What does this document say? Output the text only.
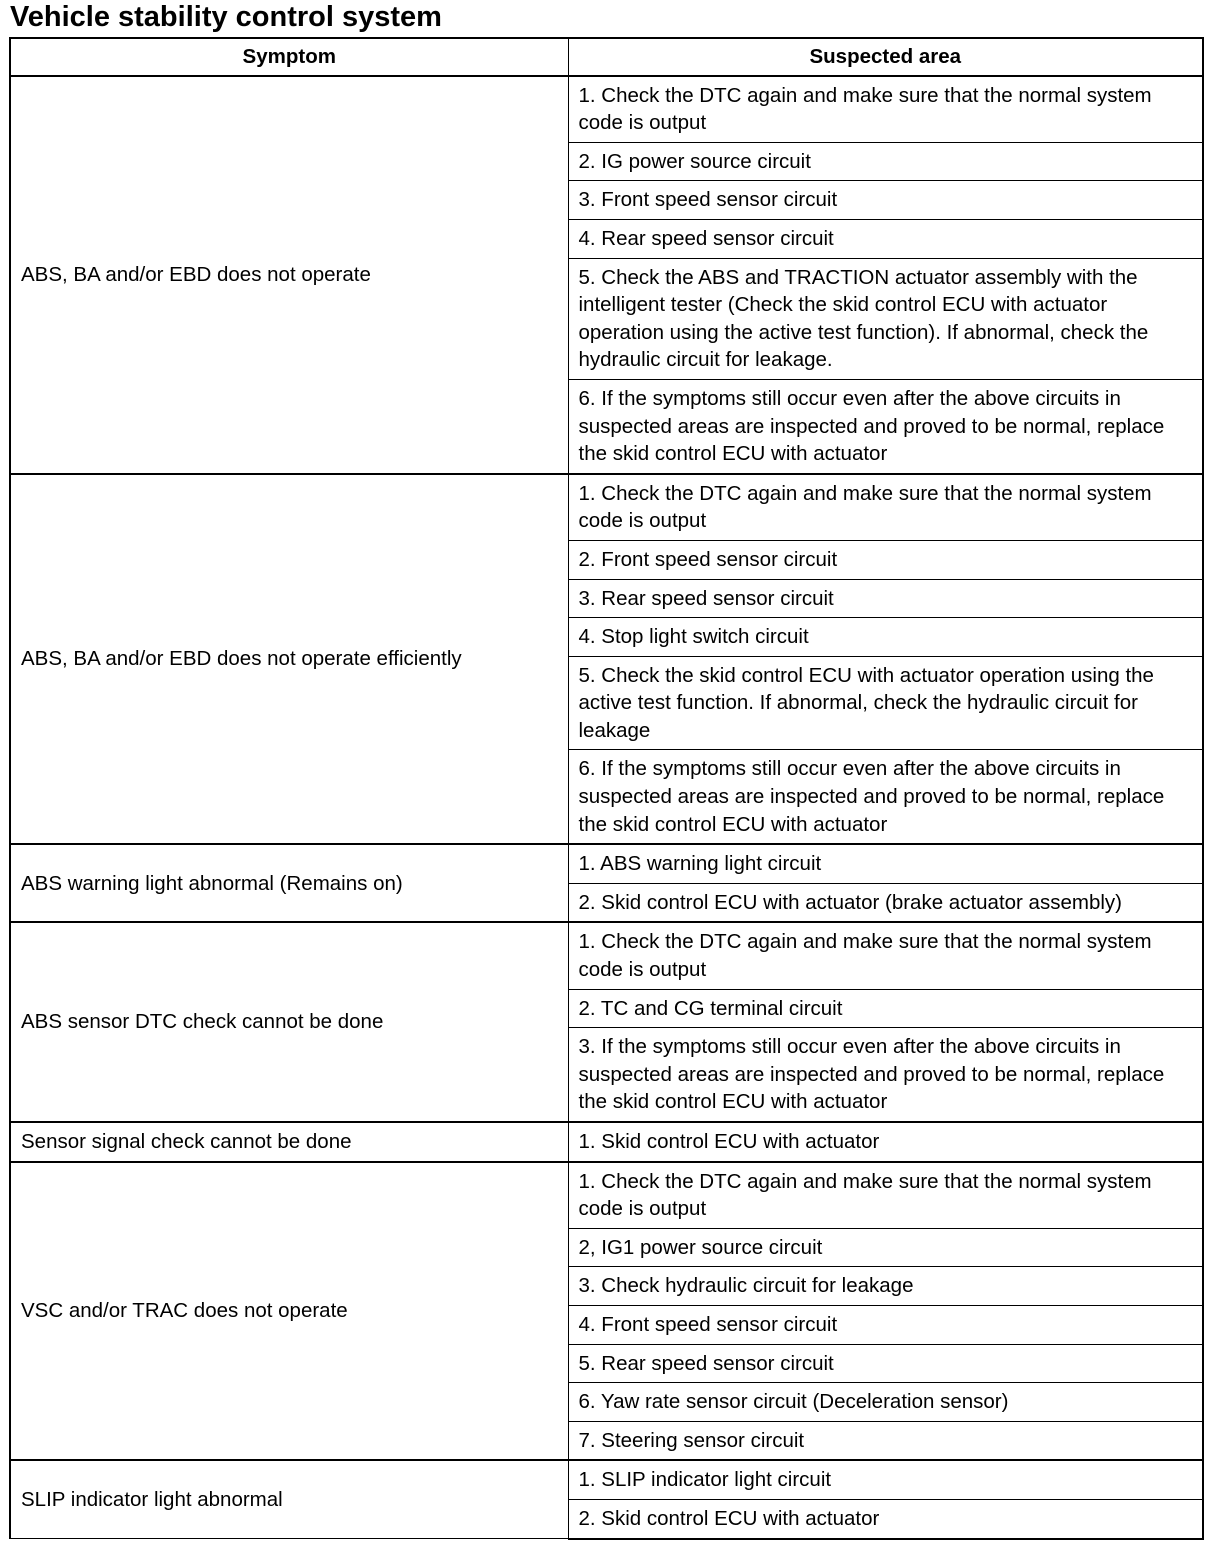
Vehicle stability control system
Symptom	Suspected area
ABS, BA and/or EBD does not operate	1. Check the DTC again and make sure that the normal system code is output
	2. IG power source circuit
	3. Front speed sensor circuit
	4. Rear speed sensor circuit
	5. Check the ABS and TRACTION actuator assembly with the intelligent tester (Check the skid control ECU with actuator operation using the active test function). If abnormal, check the hydraulic circuit for leakage.
	6. If the symptoms still occur even after the above circuits in suspected areas are inspected and proved to be normal, replace the skid control ECU with actuator
ABS, BA and/or EBD does not operate efficiently	1. Check the DTC again and make sure that the normal system code is output
	2. Front speed sensor circuit
	3. Rear speed sensor circuit
	4. Stop light switch circuit
	5. Check the skid control ECU with actuator operation using the active test function. If abnormal, check the hydraulic circuit for leakage
	6. If the symptoms still occur even after the above circuits in suspected areas are inspected and proved to be normal, replace the skid control ECU with actuator
ABS warning light abnormal (Remains on)	1. ABS warning light circuit
	2. Skid control ECU with actuator (brake actuator assembly)
ABS sensor DTC check cannot be done	1. Check the DTC again and make sure that the normal system code is output
	2. TC and CG terminal circuit
	3. If the symptoms still occur even after the above circuits in suspected areas are inspected and proved to be normal, replace the skid control ECU with actuator
Sensor signal check cannot be done	1. Skid control ECU with actuator
VSC and/or TRAC does not operate	1. Check the DTC again and make sure that the normal system code is output
	2, IG1 power source circuit
	3. Check hydraulic circuit for leakage
	4. Front speed sensor circuit
	5. Rear speed sensor circuit
	6. Yaw rate sensor circuit (Deceleration sensor)
	7. Steering sensor circuit
SLIP indicator light abnormal	1. SLIP indicator light circuit
	2. Skid control ECU with actuator
